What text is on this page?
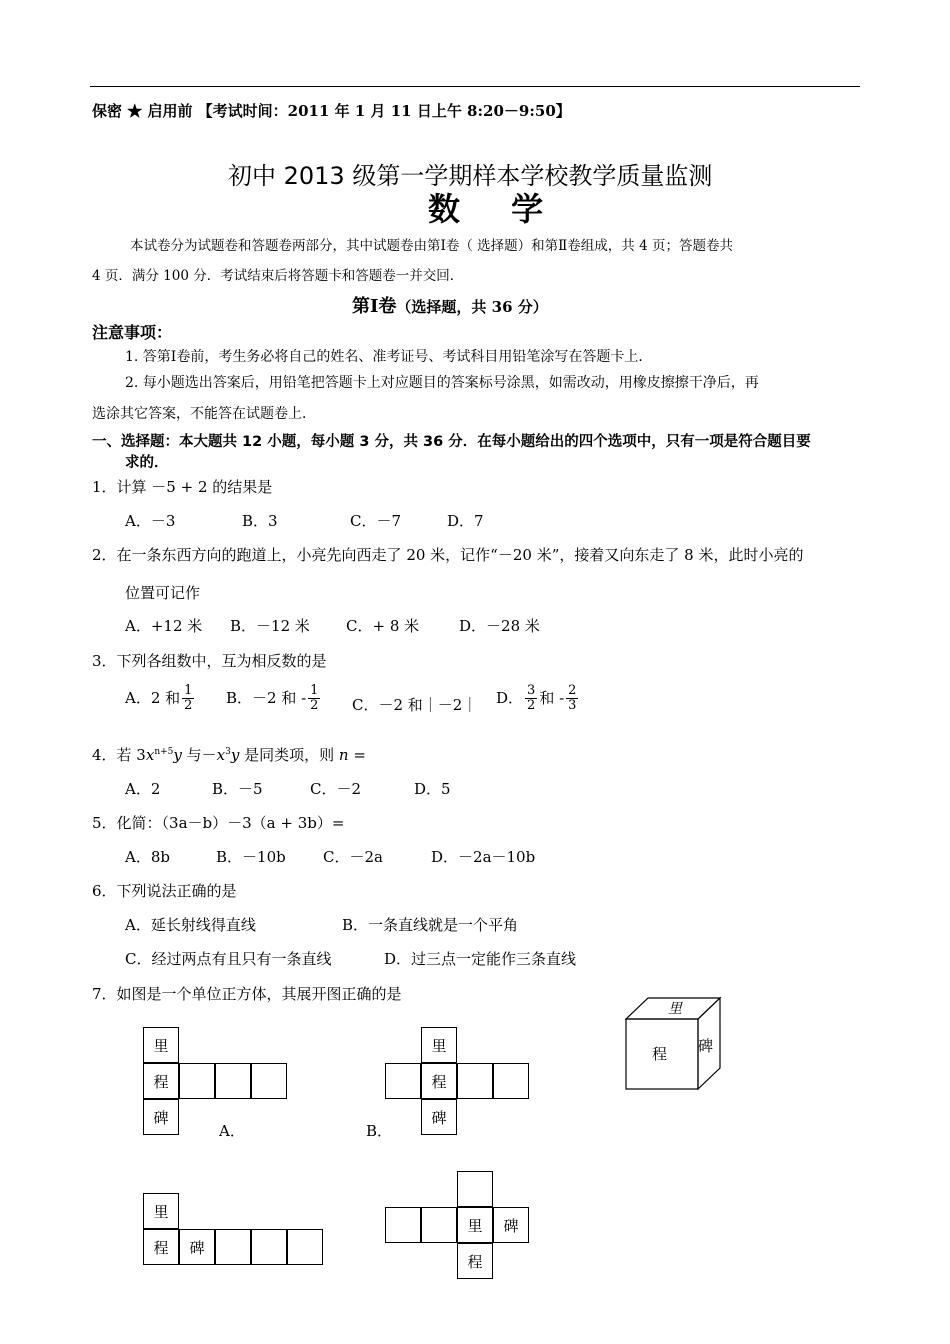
保密 ★ 启用前 【考试时间：2011 年 1 月 11 日上午 8:20－9:50】
初中 2013 级第一学期样本学校教学质量监测
数 学
本试卷分为试题卷和答题卷两部分，其中试题卷由第Ⅰ卷（ 选择题）和第Ⅱ卷组成，共 4 页；答题卷共
4 页．满分 100 分．考试结束后将答题卡和答题卷一并交回．
第Ⅰ卷（选择题，共 36 分）
注意事项：
1. 答第Ⅰ卷前，考生务必将自己的姓名、准考证号、考试科目用铅笔涂写在答题卡上．
2. 每小题选出答案后，用铅笔把答题卡上对应题目的答案标号涂黑，如需改动，用橡皮擦擦干净后，再
选涂其它答案，不能答在试题卷上．
一、选择题：本大题共 12 小题，每小题 3 分，共 36 分．在每小题给出的四个选项中，只有一项是符合题目要
求的．
1．计算 －5 + 2 的结果是
A．－3	B．3	C．－7	D．7
2．在一条东西方向的跑道上，小亮先向西走了 20 米，记作“－20 米”，接着又向东走了 8 米，此时小亮的
位置可记作
A．+12 米 B．－12 米 C．+ 8 米	D．－28 米
3．下列各组数中，互为相反数的是
A．2 和 $\frac{1}{2}$ B．－2 和 - $\frac{1}{2}$ C．－2 和｜－2｜ D． $\frac{3}{2}$ 和 - $\frac{2}{3}$
4．若 $3x^{n+5}y$ 与$-x^3y$ 是同类项，则 n =
A．2	B．－5	C．－2	D．5
5．化简：（3a－b）－3（a + 3b）=
A．8b	B．－10b C．－2a	D．－2a－10b
6．下列说法正确的是
A．延长射线得直线	B．一条直线就是一个平角
C．经过两点有且只有一条直线	D．过三点一定能作三条直线
7．如图是一个单位正方体，其展开图正确的是
里
程
碑
A．
里
程
碑
B．
里
程 碑
里
程	碑
里	碑
程
